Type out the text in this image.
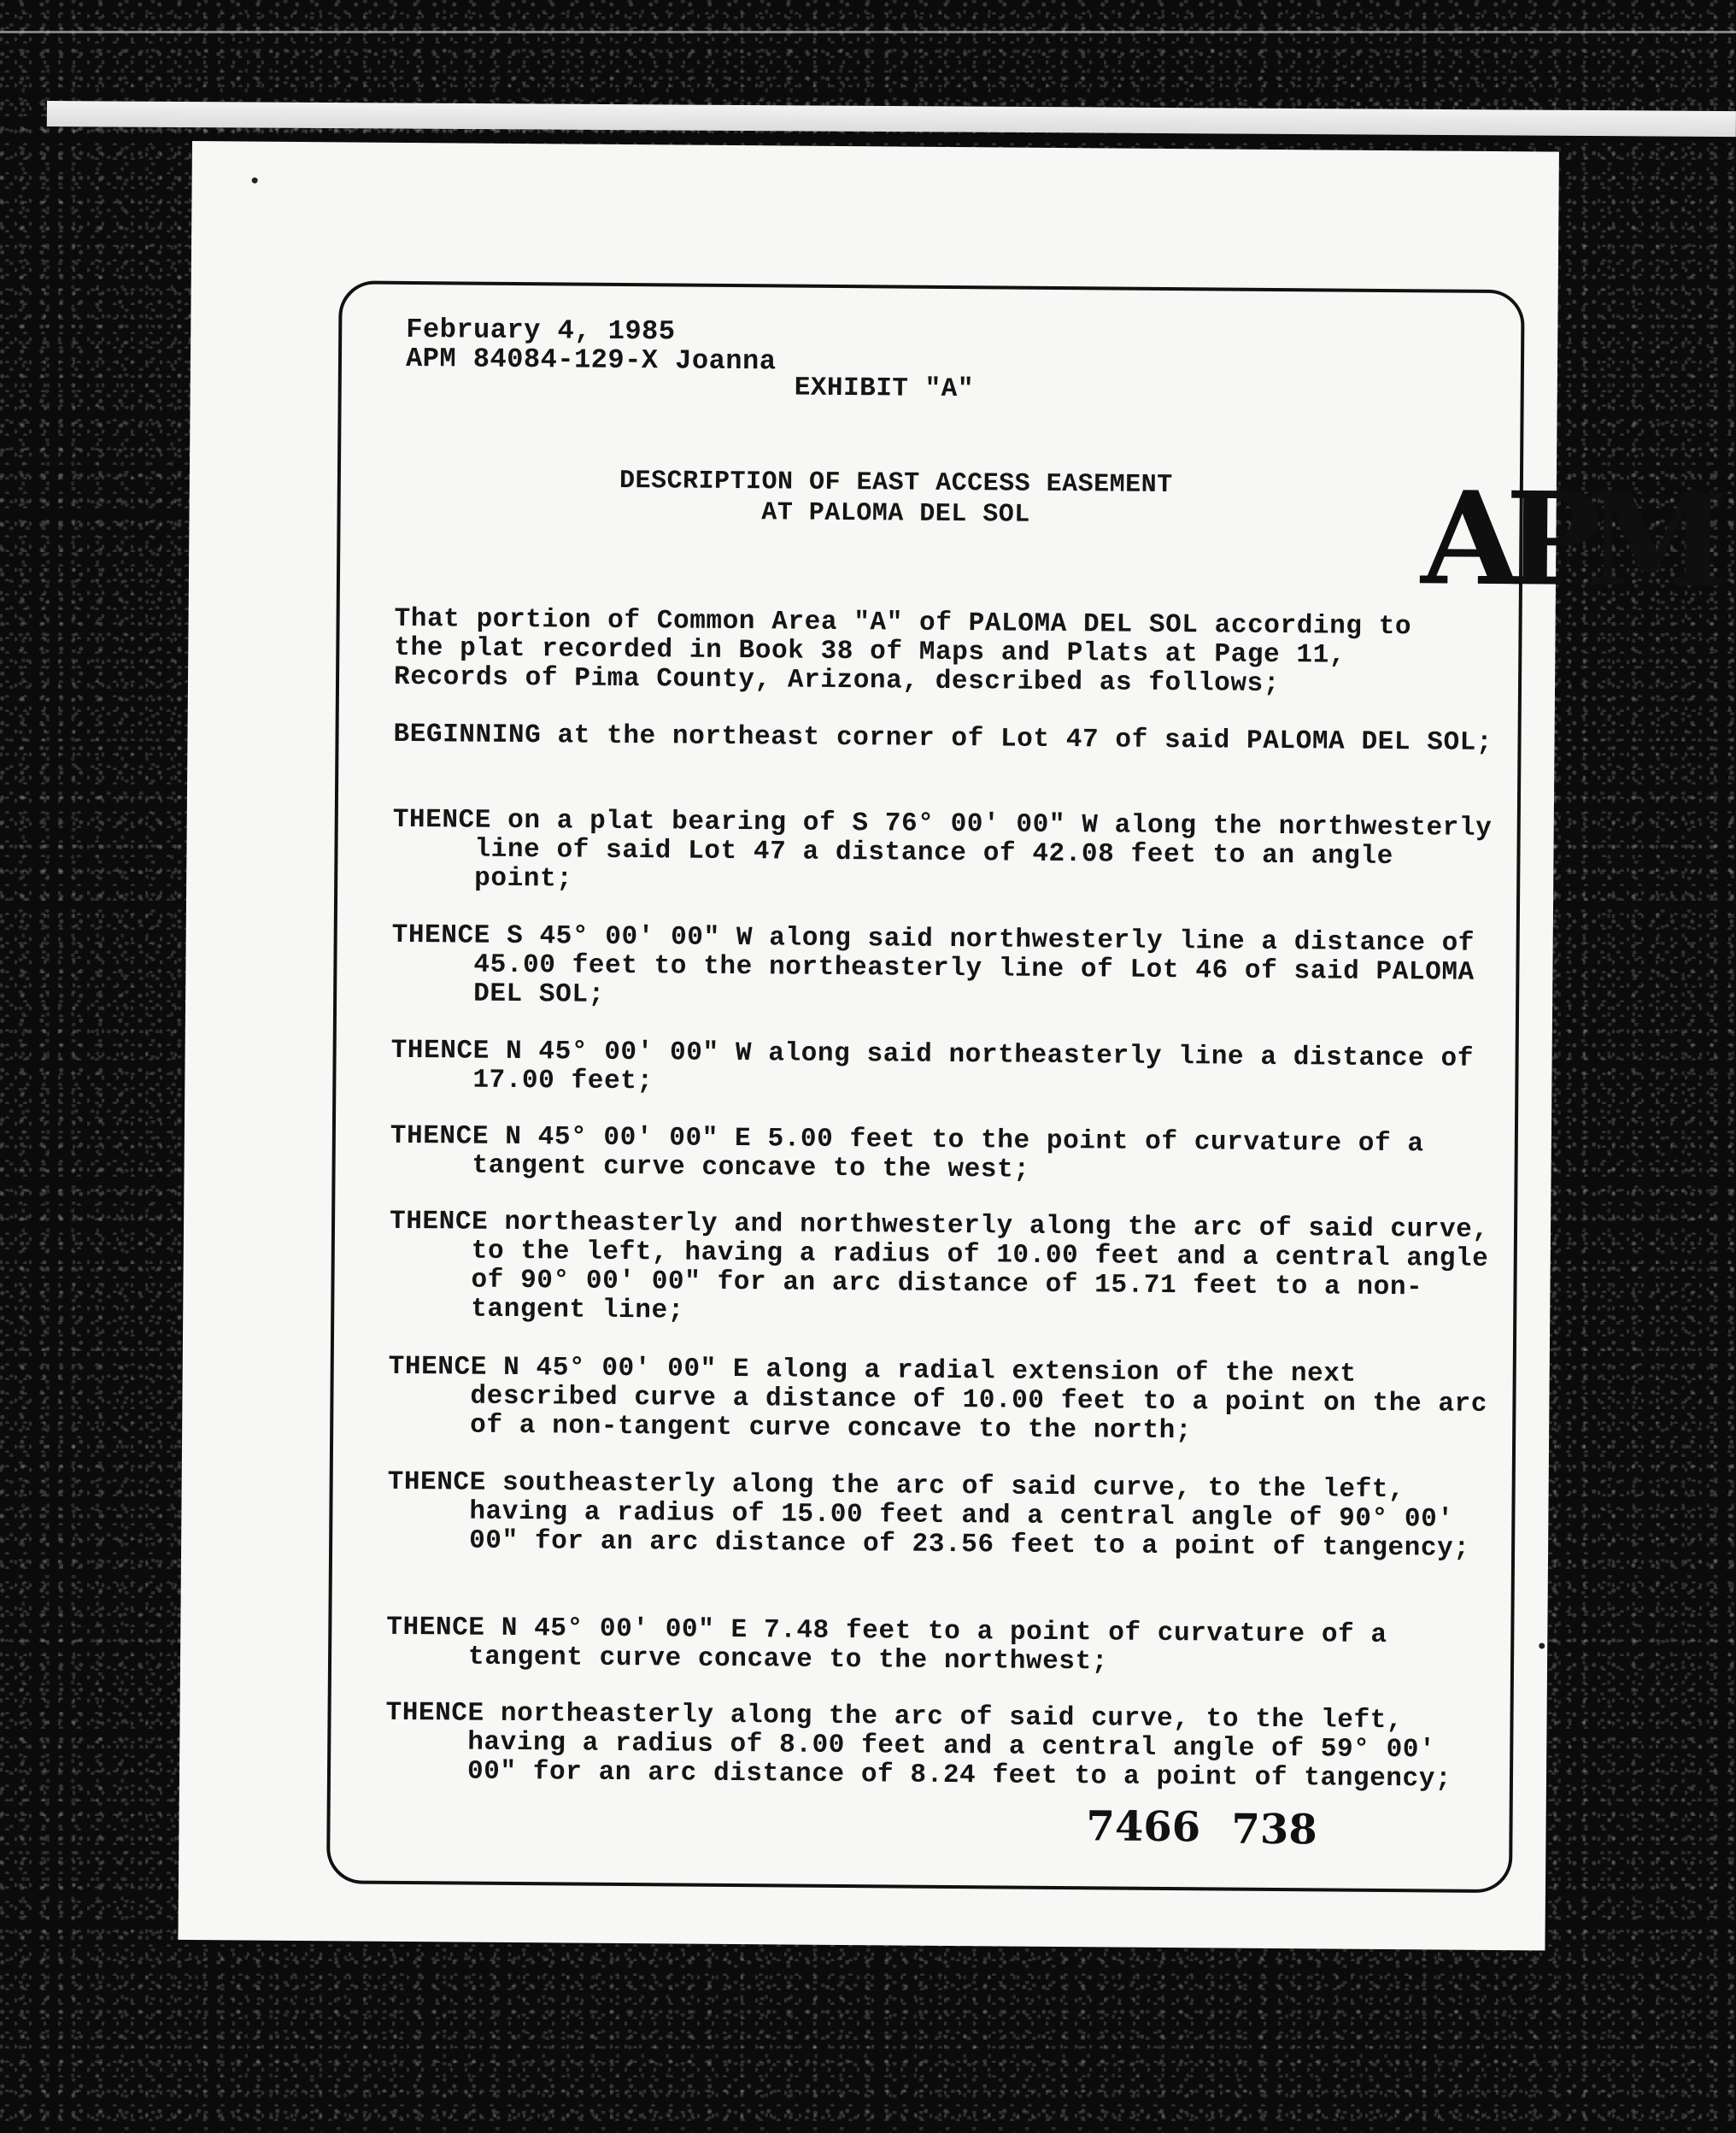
February 4, 1985
APM 84084-129-X Joanna
EXHIBIT "A"
APM
DESCRIPTION OF EAST ACCESS EASEMENT
AT PALOMA DEL SOL
That portion of Common Area "A" of PALOMA DEL SOL according to the plat recorded in Book 38 of Maps and Plats at Page 11, Records of Pima County, Arizona, described as follows;
BEGINNING at the northeast corner of Lot 47 of said PALOMA DEL SOL;
THENCE on a plat bearing of S 76° 00' 00" W along the northwesterly line of said Lot 47 a distance of 42.08 feet to an angle point;
THENCE S 45° 00' 00" W along said northwesterly line a distance of 45.00 feet to the northeasterly line of Lot 46 of said PALOMA DEL SOL;
THENCE N 45° 00' 00" W along said northeasterly line a distance of 17.00 feet;
THENCE N 45° 00' 00" E 5.00 feet to the point of curvature of a tangent curve concave to the west;
THENCE northeasterly and northwesterly along the arc of said curve, to the left, having a radius of 10.00 feet and a central angle of 90° 00' 00" for an arc distance of 15.71 feet to a non-tangent line;
THENCE N 45° 00' 00" E along a radial extension of the next described curve a distance of 10.00 feet to a point on the arc of a non-tangent curve concave to the north;
THENCE southeasterly along the arc of said curve, to the left, having a radius of 15.00 feet and a central angle of 90° 00' 00" for an arc distance of 23.56 feet to a point of tangency;
THENCE N 45° 00' 00" E 7.48 feet to a point of curvature of a tangent curve concave to the northwest;
THENCE northeasterly along the arc of said curve, to the left, having a radius of 8.00 feet and a central angle of 59° 00' 00" for an arc distance of 8.24 feet to a point of tangency;
7466 738
